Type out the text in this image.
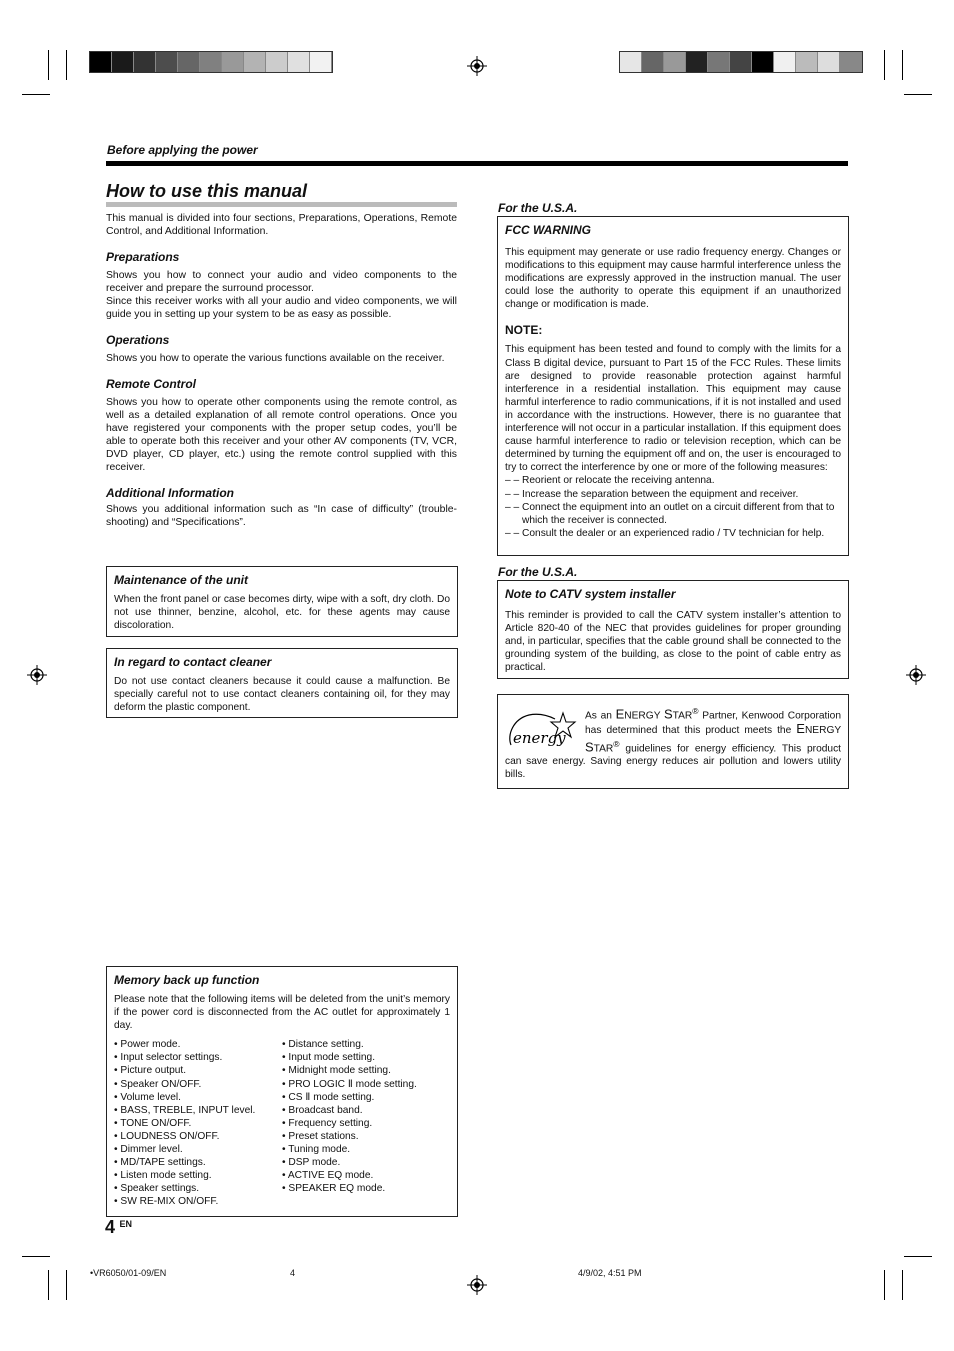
Before applying the power
How to use this manual

This manual is divided into four sections, Preparations, Operations, Remote Control, and Additional Information.

Preparations

Shows you how to connect your audio and video components to the receiver and prepare the surround processor.

Since this receiver works with all your audio and video components, we will guide you in setting up your system to be as easy as possible.

Operations

Shows you how to operate the various functions available on the receiver.

Remote Control

Shows you how to operate other components using the remote control, as well as a detailed explanation of all remote control operations. Once you have registered your components with the proper setup codes, you’ll be able to operate both this receiver and your other AV components (TV, VCR, DVD player, CD player, etc.) using the remote control supplied with this receiver.

Additional Information

Shows you additional information such as “In case of difficulty” (trouble-shooting) and “Specifications”.

Maintenance of the unit

When the front panel or case becomes dirty, wipe with a soft, dry cloth. Do not use thinner, benzine, alcohol, etc. for these agents may cause discoloration.

In regard to contact cleaner

Do not use contact cleaners because it could cause a malfunction. Be specially careful not to use contact cleaners containing oil, for they may deform the plastic component.

Memory back up function

Please note that the following items will be deleted from the unit’s memory if the power cord is disconnected from the AC outlet for approximately 1 day.

• Power mode.
• Input selector settings.
• Picture output.
• Speaker ON/OFF.
• Volume level.
• BASS, TREBLE, INPUT level.
• TONE ON/OFF.
• LOUDNESS ON/OFF.
• Dimmer level.
• MD/TAPE settings.
• Listen mode setting.
• Speaker settings.
• SW RE-MIX ON/OFF.
• Distance setting.
• Input mode setting.
• Midnight mode setting.
• PRO LOGIC Ⅱ mode setting.
• CS Ⅱ mode setting.
• Broadcast band.
• Frequency setting.
• Preset stations.
• Tuning mode.
• DSP mode.
• ACTIVE EQ mode.
• SPEAKER EQ mode.
For the U.S.A.

FCC WARNING

This equipment may generate or use radio frequency energy. Changes or modifications to this equipment may cause harmful interference unless the modifications are expressly approved in the instruction manual. The user could lose the authority to operate this equipment if an unauthorized change or modification is made.

NOTE:

This equipment has been tested and found to comply with the limits for a Class B digital device, pursuant to Part 15 of the FCC Rules. These limits are designed to provide reasonable protection against harmful interference in a residential installation. This equipment may cause harmful interference to radio communications, if it is not installed and used in accordance with the instructions. However, there is no guarantee that interference will not occur in a particular installation. If this equipment does cause harmful interference to radio or television reception, which can be determined by turning the equipment off and on, the user is encouraged to try to correct the interference by one or more of the following measures:

– – Reorient or relocate the receiving antenna.
– – Increase the separation between the equipment and receiver.
– – Connect the equipment into an outlet on a circuit different from that to which the receiver is connected.
– – Consult the dealer or an experienced radio / TV technician for help.
For the U.S.A.

Note to CATV system installer

This reminder is provided to call the CATV system installer’s attention to Article 820-40 of the NEC that provides guidelines for proper grounding and, in particular, specifies that the cable ground shall be connected to the grounding system of the building, as close to the point of cable entry as practical.

energy

As an ENERGY STAR® Partner, Kenwood Corporation has determined that this product meets the ENERGY STAR® guidelines for energy efficiency. This product can save energy. Saving energy reduces air pollution and lowers utility bills.

4 $^{EN}$
•VR6050/01-09/EN	4	4/9/02, 4:51 PM
